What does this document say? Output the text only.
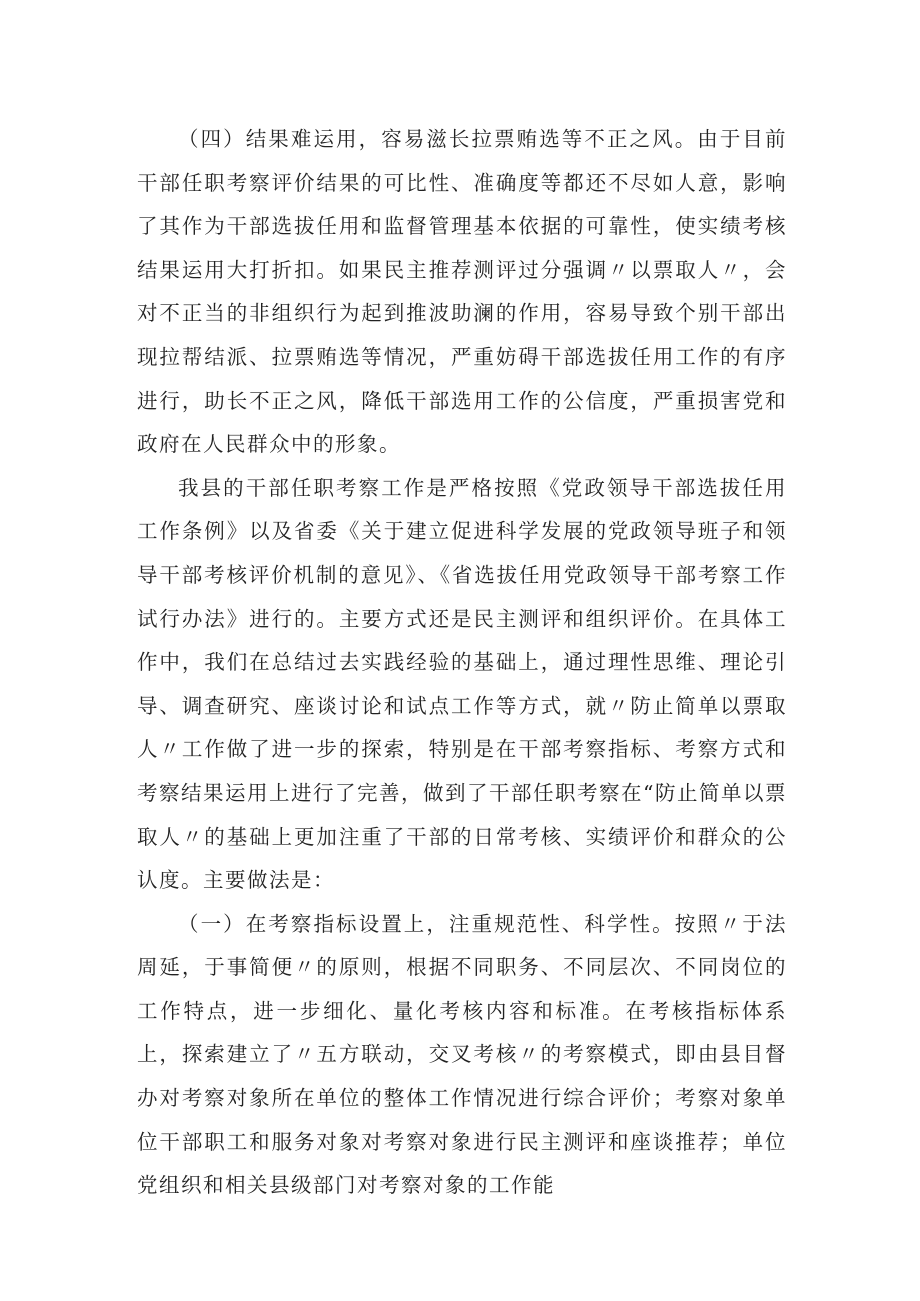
（四）结果难运用，容易滋长拉票贿选等不正之风。由于目前干部任职考察评价结果的可比性、准确度等都还不尽如人意，影响了其作为干部选拔任用和监督管理基本依据的可靠性，使实绩考核结果运用大打折扣。如果民主推荐测评过分强调〃以票取人〃，会对不正当的非组织行为起到推波助澜的作用，容易导致个别干部出现拉帮结派、拉票贿选等情况，严重妨碍干部选拔任用工作的有序进行，助长不正之风，降低干部选用工作的公信度，严重损害党和政府在人民群众中的形象。

我县的干部任职考察工作是严格按照《党政领导干部选拔任用工作条例》以及省委《关于建立促进科学发展的党政领导班子和领导干部考核评价机制的意见》、《省选拔任用党政领导干部考察工作试行办法》进行的。主要方式还是民主测评和组织评价。在具体工作中，我们在总结过去实践经验的基础上，通过理性思维、理论引导、调查研究、座谈讨论和试点工作等方式，就〃防止简单以票取人〃工作做了进一步的探索，特别是在干部考察指标、考察方式和考察结果运用上进行了完善，做到了干部任职考察在“防止简单以票取人〃的基础上更加注重了干部的日常考核、实绩评价和群众的公认度。主要做法是：

（一）在考察指标设置上，注重规范性、科学性。按照〃于法周延，于事简便〃的原则，根据不同职务、不同层次、不同岗位的工作特点，进一步细化、量化考核内容和标准。在考核指标体系上，探索建立了〃五方联动，交叉考核〃的考察模式，即由县目督办对考察对象所在单位的整体工作情况进行综合评价；考察对象单位干部职工和服务对象对考察对象进行民主测评和座谈推荐；单位党组织和相关县级部门对考察对象的工作能
